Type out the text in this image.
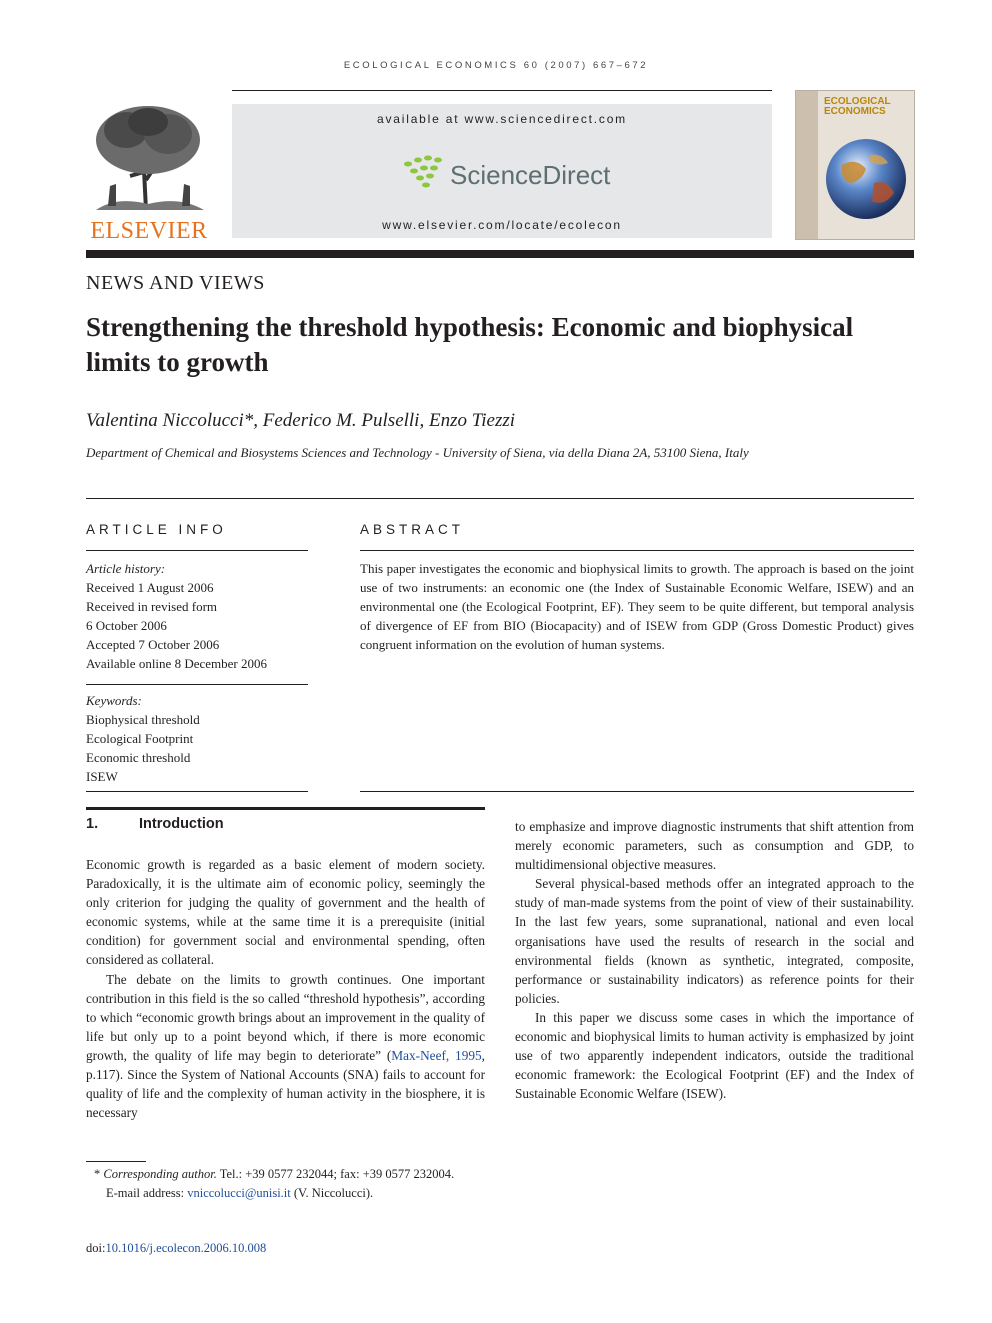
ECOLOGICAL ECONOMICS 60 (2007) 667–672
ELSEVIER
available at www.sciencedirect.com
ScienceDirect
www.elsevier.com/locate/ecolecon
ECOLOGICAL
ECONOMICS
NEWS AND VIEWS
Strengthening the threshold hypothesis: Economic and biophysical limits to growth
Valentina Niccolucci*, Federico M. Pulselli, Enzo Tiezzi
Department of Chemical and Biosystems Sciences and Technology - University of Siena, via della Diana 2A, 53100 Siena, Italy
ARTICLE INFO
Article history:
Received 1 August 2006
Received in revised form
6 October 2006
Accepted 7 October 2006
Available online 8 December 2006
Keywords:
Biophysical threshold
Ecological Footprint
Economic threshold
ISEW
ABSTRACT
This paper investigates the economic and biophysical limits to growth. The approach is based on the joint use of two instruments: an economic one (the Index of Sustainable Economic Welfare, ISEW) and an environmental one (the Ecological Footprint, EF). They seem to be quite different, but temporal analysis of divergence of EF from BIO (Biocapacity) and of ISEW from GDP (Gross Domestic Product) gives congruent information on the evolution of human systems.
1.	Introduction

Economic growth is regarded as a basic element of modern society. Paradoxically, it is the ultimate aim of economic policy, seemingly the only criterion for judging the quality of government and the health of economic systems, while at the same time it is a prerequisite (initial condition) for government social and environmental spending, often considered as collateral.

The debate on the limits to growth continues. One important contribution in this field is the so called “threshold hypothesis”, according to which “economic growth brings about an improvement in the quality of life but only up to a point beyond which, if there is more economic growth, the quality of life may begin to deteriorate” (Max-Neef, 1995, p.117). Since the System of National Accounts (SNA) fails to account for quality of life and the complexity of human activity in the biosphere, it is necessary

to emphasize and improve diagnostic instruments that shift attention from merely economic parameters, such as consumption and GDP, to multidimensional objective measures.

Several physical-based methods offer an integrated approach to the study of man-made systems from the point of view of their sustainability. In the last few years, some supranational, national and even local organisations have used the results of research in the social and environmental fields (known as synthetic, integrated, composite, performance or sustainability indicators) as reference points for their policies.

In this paper we discuss some cases in which the importance of economic and biophysical limits to human activity is emphasized by joint use of two apparently independent indicators, outside the traditional economic framework: the Ecological Footprint (EF) and the Index of Sustainable Economic Welfare (ISEW).

* Corresponding author. Tel.: +39 0577 232044; fax: +39 0577 232004.
E-mail address: vniccolucci@unisi.it (V. Niccolucci).
doi:10.1016/j.ecolecon.2006.10.008
